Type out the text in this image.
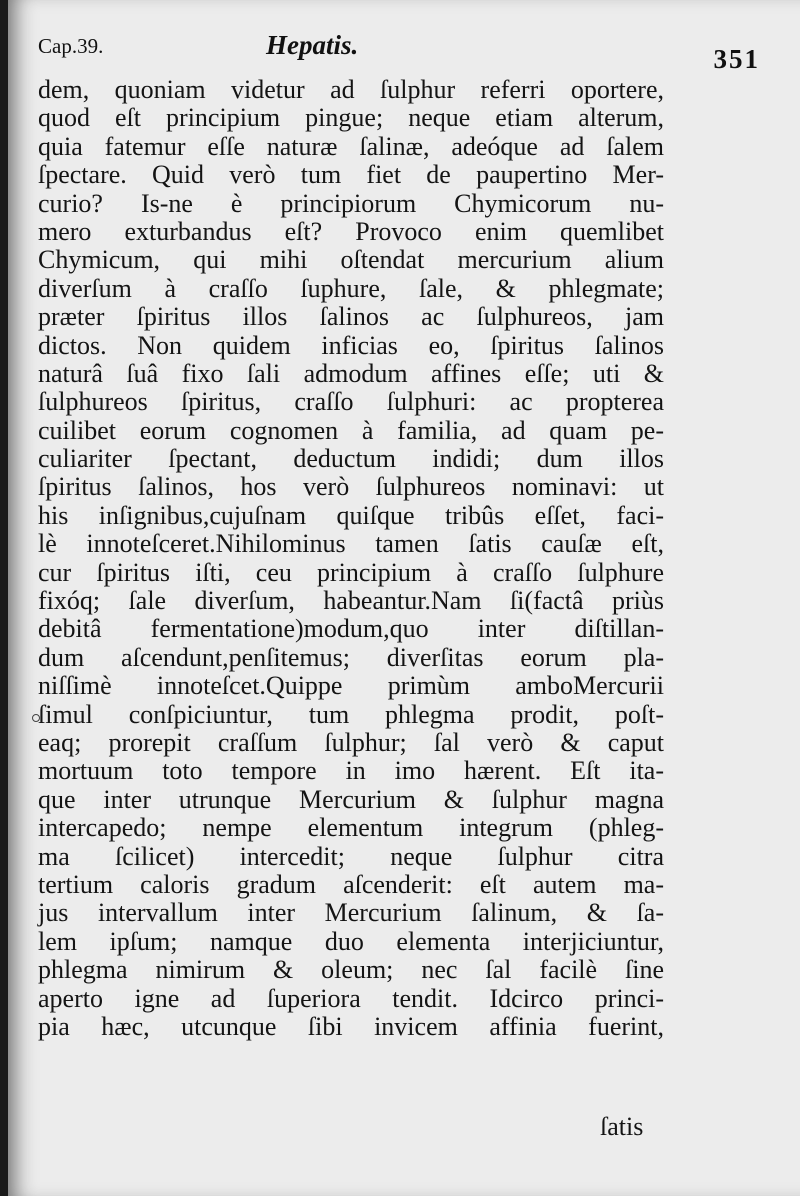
Cap.39.	Hepatis.	351
dem, quoniam videtur ad ſulphur referri oportere,
quod eſt principium pingue; neque etiam alterum,
quia fatemur eſſe naturæ ſalinæ, adeóque ad ſalem
ſpectare. Quid verò tum fiet de paupertino Mer-
curio? Is-ne è principiorum Chymicorum nu-
mero exturbandus eſt? Provoco enim quemlibet
Chymicum, qui mihi oſtendat mercurium alium
diverſum à craſſo ſuphure, ſale, & phlegmate;
præter ſpiritus illos ſalinos ac ſulphureos, jam
dictos. Non quidem inficias eo, ſpiritus ſalinos
naturâ ſuâ fixo ſali admodum affines eſſe; uti &
ſulphureos ſpiritus, craſſo ſulphuri: ac propterea
cuilibet eorum cognomen à familia, ad quam pe-
culiariter ſpectant, deductum indidi; dum illos
ſpiritus ſalinos, hos verò ſulphureos nominavi: ut
his inſignibus,cujuſnam quiſque tribûs eſſet, faci-
lè innoteſceret.Nihilominus tamen ſatis cauſæ eſt,
cur ſpiritus iſti, ceu principium à craſſo ſulphure
fixóq; ſale diverſum, habeantur.Nam ſi(factâ priùs
debitâ fermentatione)modum,quo inter diſtillan-
dum aſcendunt,penſitemus; diverſitas eorum pla-
niſſimè innoteſcet.Quippe primùm amboMercurii
ſimul conſpiciuntur, tum phlegma prodit, poſt-
eaq; prorepit craſſum ſulphur; ſal verò & caput
mortuum toto tempore in imo hærent. Eſt ita-
que inter utrunque Mercurium & ſulphur magna
intercapedo; nempe elementum integrum (phleg-
ma ſcilicet) intercedit; neque ſulphur citra
tertium caloris gradum aſcenderit: eſt autem ma-
jus intervallum inter Mercurium ſalinum, & ſa-
lem ipſum; namque duo elementa interjiciuntur,
phlegma nimirum & oleum; nec ſal facilè ſine
aperto igne ad ſuperiora tendit. Idcirco princi-
pia hæc, utcunque ſibi invicem affinia fuerint,
ſatis
